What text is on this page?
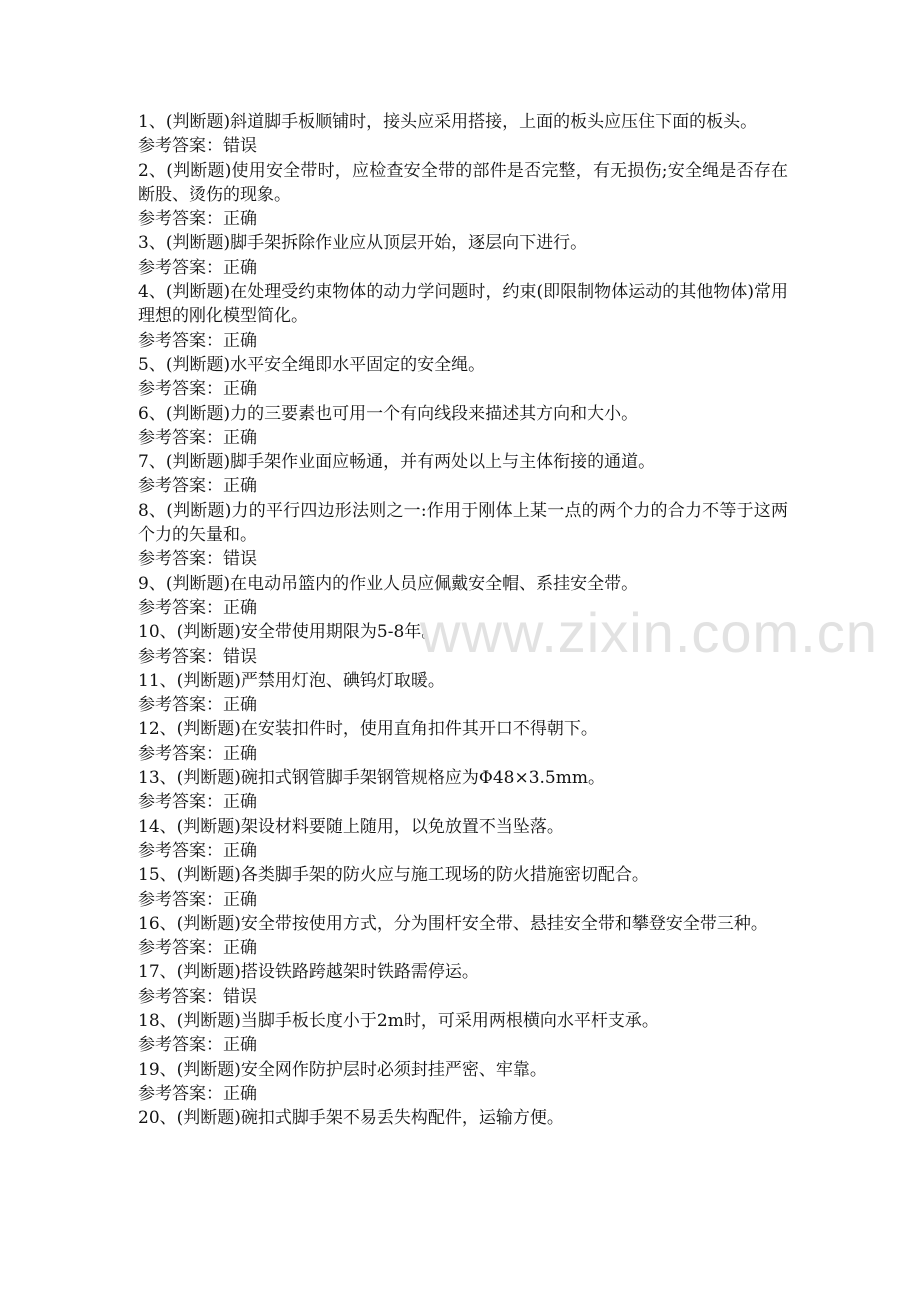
1、(判断题)斜道脚手板顺铺时，接头应采用搭接，上面的板头应压住下面的板头。

参考答案：错误

2、(判断题)使用安全带时，应检查安全带的部件是否完整，有无损伤;安全绳是否存在断股、烫伤的现象。

参考答案：正确

3、(判断题)脚手架拆除作业应从顶层开始，逐层向下进行。

参考答案：正确

4、(判断题)在处理受约束物体的动力学问题时，约束(即限制物体运动的其他物体)常用理想的刚化模型简化。

参考答案：正确

5、(判断题)水平安全绳即水平固定的安全绳。

参考答案：正确

6、(判断题)力的三要素也可用一个有向线段来描述其方向和大小。

参考答案：正确

7、(判断题)脚手架作业面应畅通，并有两处以上与主体衔接的通道。

参考答案：正确

8、(判断题)力的平行四边形法则之一:作用于刚体上某一点的两个力的合力不等于这两个力的矢量和。

参考答案：错误

9、(判断题)在电动吊篮内的作业人员应佩戴安全帽、系挂安全带。

参考答案：正确

10、(判断题)安全带使用期限为5-8年。

参考答案：错误

11、(判断题)严禁用灯泡、碘钨灯取暖。

参考答案：正确

12、(判断题)在安装扣件时，使用直角扣件其开口不得朝下。

参考答案：正确

13、(判断题)碗扣式钢管脚手架钢管规格应为Φ48×3.5mm。

参考答案：正确

14、(判断题)架设材料要随上随用，以免放置不当坠落。

参考答案：正确

15、(判断题)各类脚手架的防火应与施工现场的防火措施密切配合。

参考答案：正确

16、(判断题)安全带按使用方式，分为围杆安全带、悬挂安全带和攀登安全带三种。

参考答案：正确

17、(判断题)搭设铁路跨越架时铁路需停运。

参考答案：错误

18、(判断题)当脚手板长度小于2m时，可采用两根横向水平杆支承。

参考答案：正确

19、(判断题)安全网作防护层时必须封挂严密、牢靠。

参考答案：正确

20、(判断题)碗扣式脚手架不易丢失构配件，运输方便。

www.zixin.com.cn
